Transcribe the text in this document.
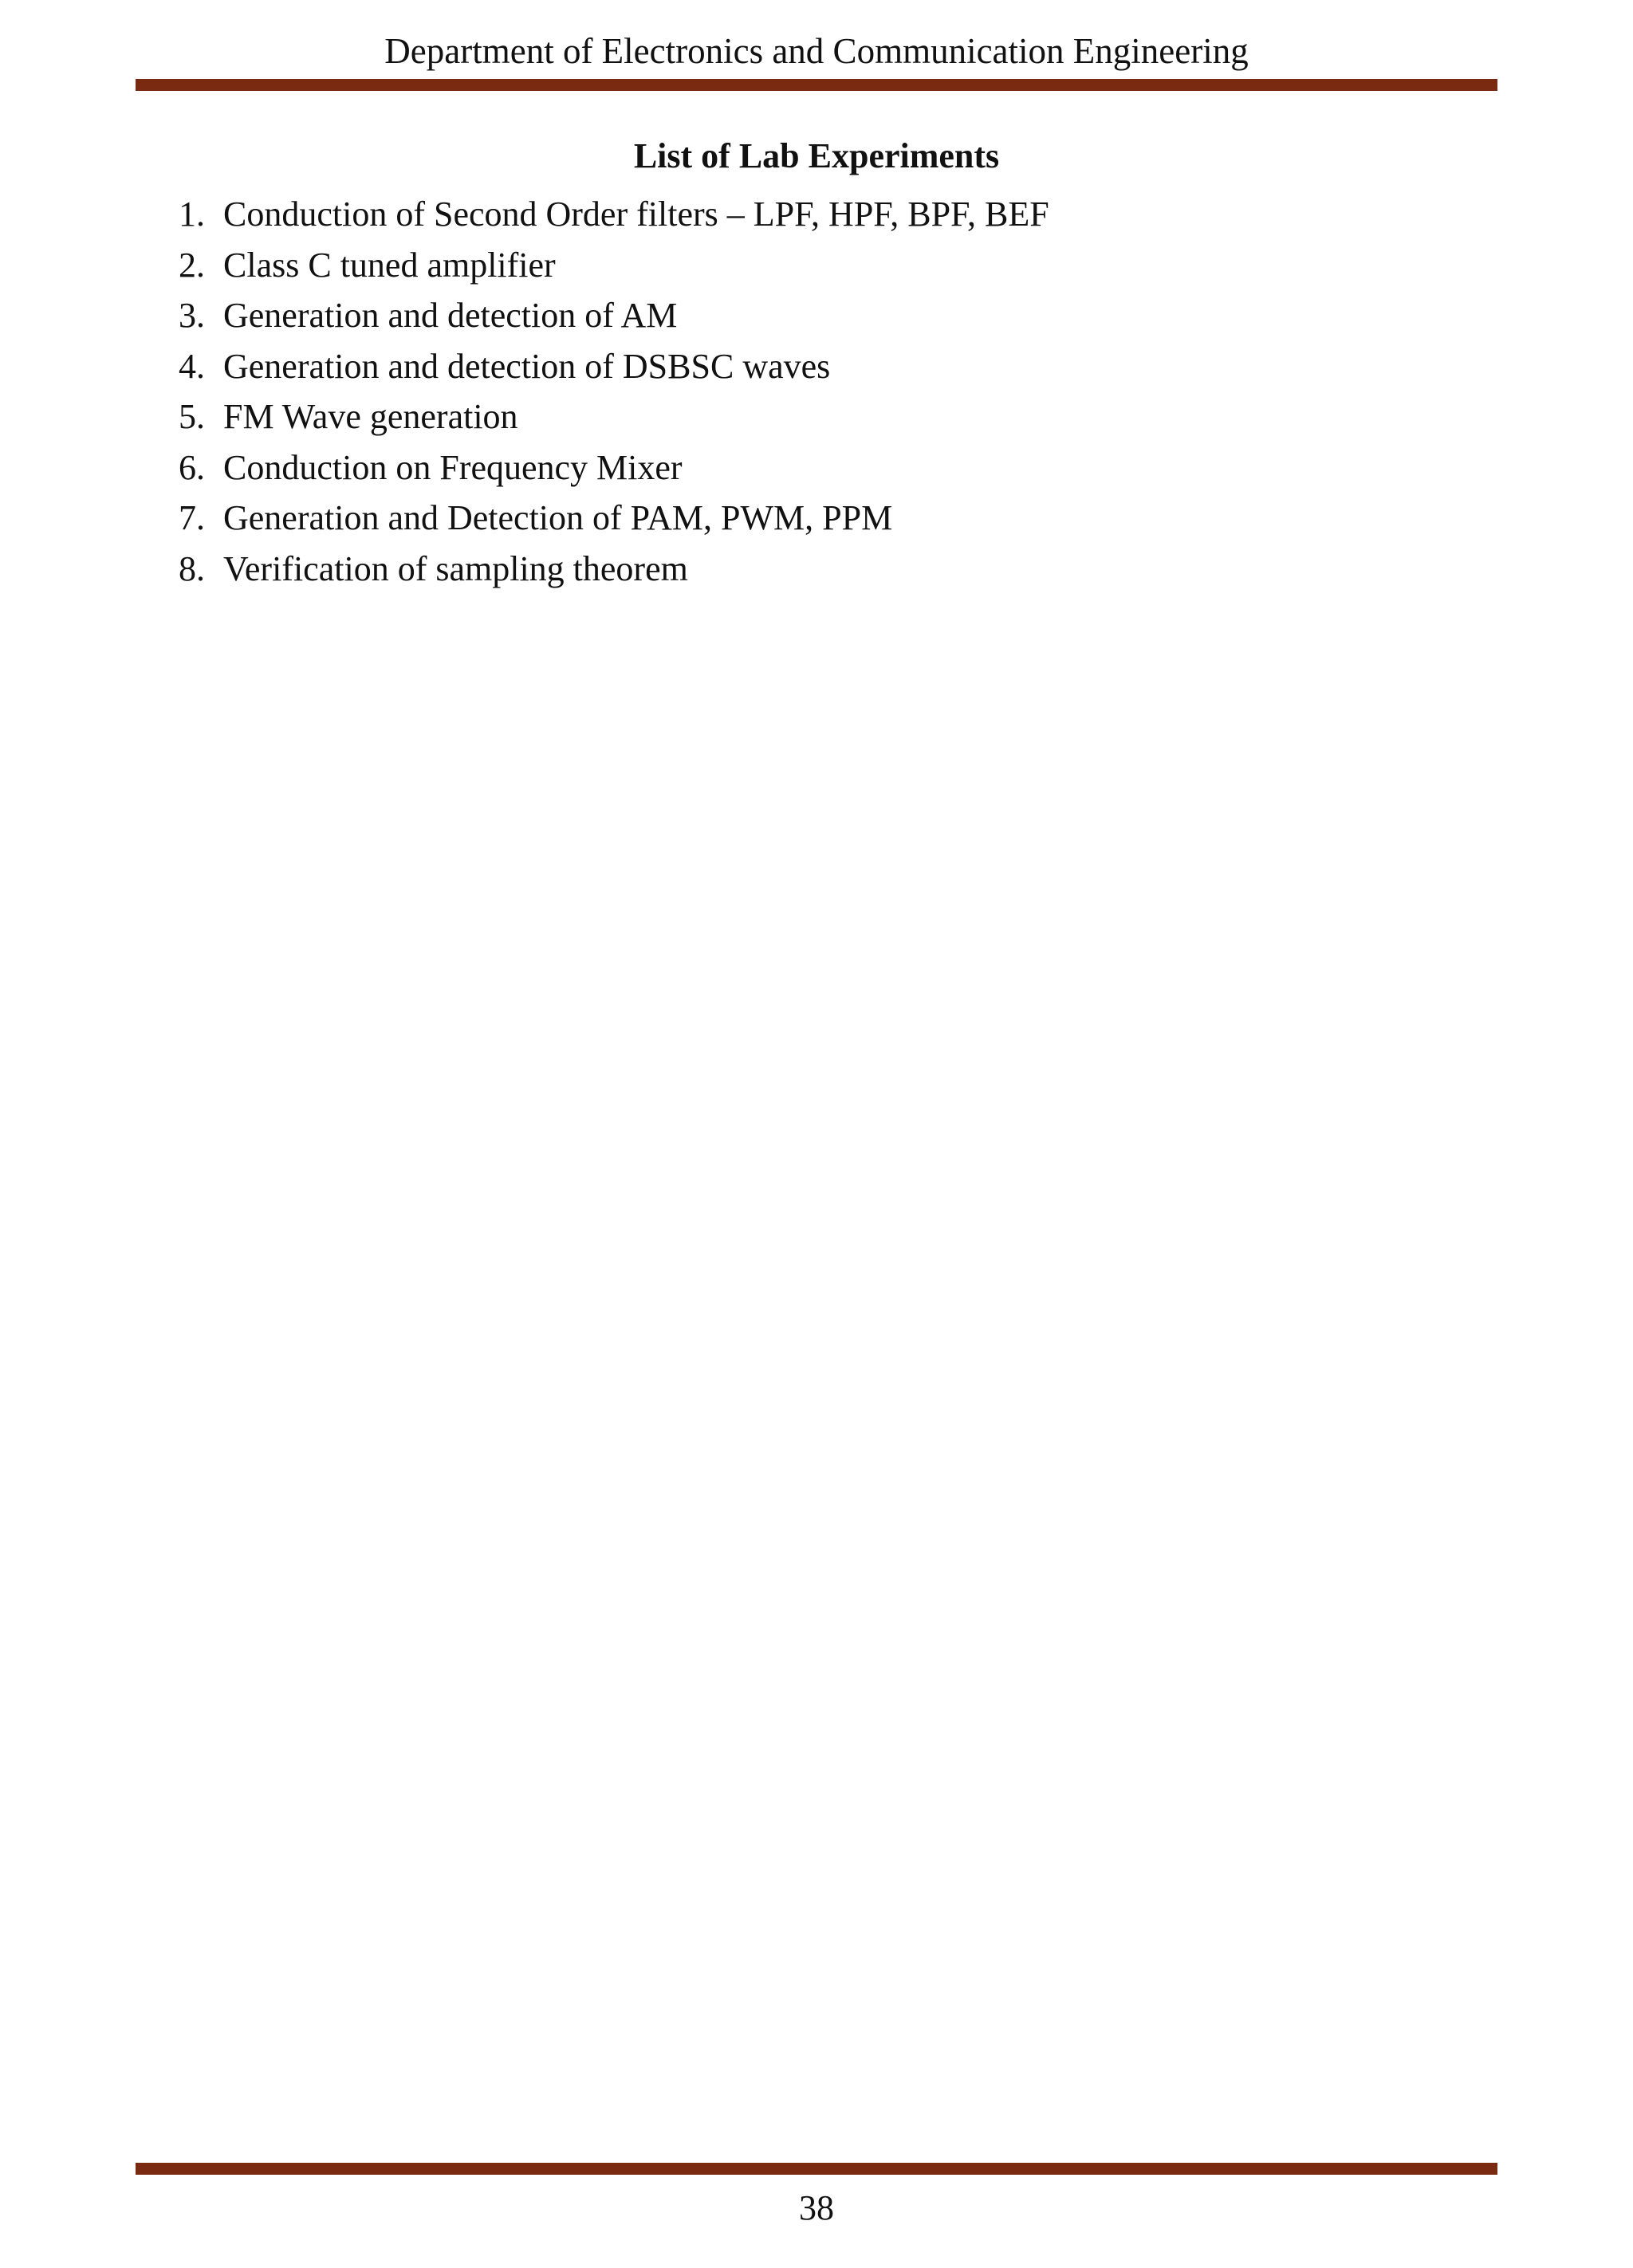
Department of Electronics and Communication Engineering
List of Lab Experiments
1. Conduction of Second Order filters – LPF, HPF, BPF, BEF
2. Class C tuned amplifier
3. Generation and detection of AM
4. Generation and detection of DSBSC waves
5. FM Wave generation
6. Conduction on Frequency Mixer
7. Generation and Detection of PAM, PWM, PPM
8. Verification of sampling theorem
38
